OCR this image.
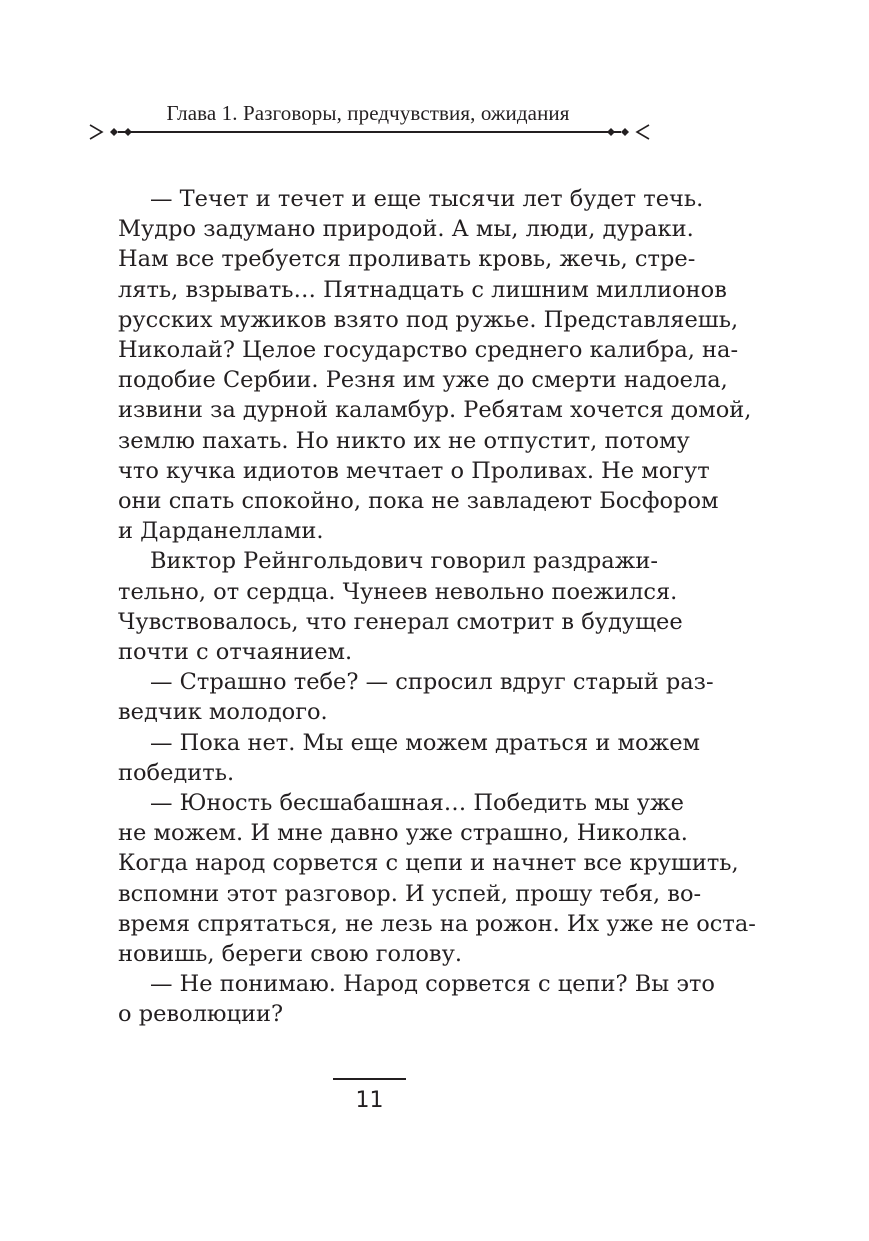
Глава 1. Разговоры, предчувствия, ожидания
— Течет и течет и еще тысячи лет будет течь.
Мудро задумано природой. А мы, люди, дураки.
Нам все требуется проливать кровь, жечь, стре-
лять, взрывать… Пятнадцать с лишним миллионов
русских мужиков взято под ружье. Представляешь,
Николай? Целое государство среднего калибра, на-
подобие Сербии. Резня им уже до смерти надоела,
извини за дурной каламбур. Ребятам хочется домой,
землю пахать. Но никто их не отпустит, потому
что кучка идиотов мечтает о Проливах. Не могут
они спать спокойно, пока не завладеют Босфором
и Дарданеллами.
Виктор Рейнгольдович говорил раздражи-
тельно, от сердца. Чунеев невольно поежился.
Чувствовалось, что генерал смотрит в будущее
почти с отчаянием.
— Страшно тебе? — спросил вдруг старый раз-
ведчик молодого.
— Пока нет. Мы еще можем драться и можем
победить.
— Юность бесшабашная… Победить мы уже
не можем. И мне давно уже страшно, Николка.
Когда народ сорвется с цепи и начнет все крушить,
вспомни этот разговор. И успей, прошу тебя, во-
время спрятаться, не лезь на рожон. Их уже не оста-
новишь, береги свою голову.
— Не понимаю. Народ сорвется с цепи? Вы это
о революции?
11
